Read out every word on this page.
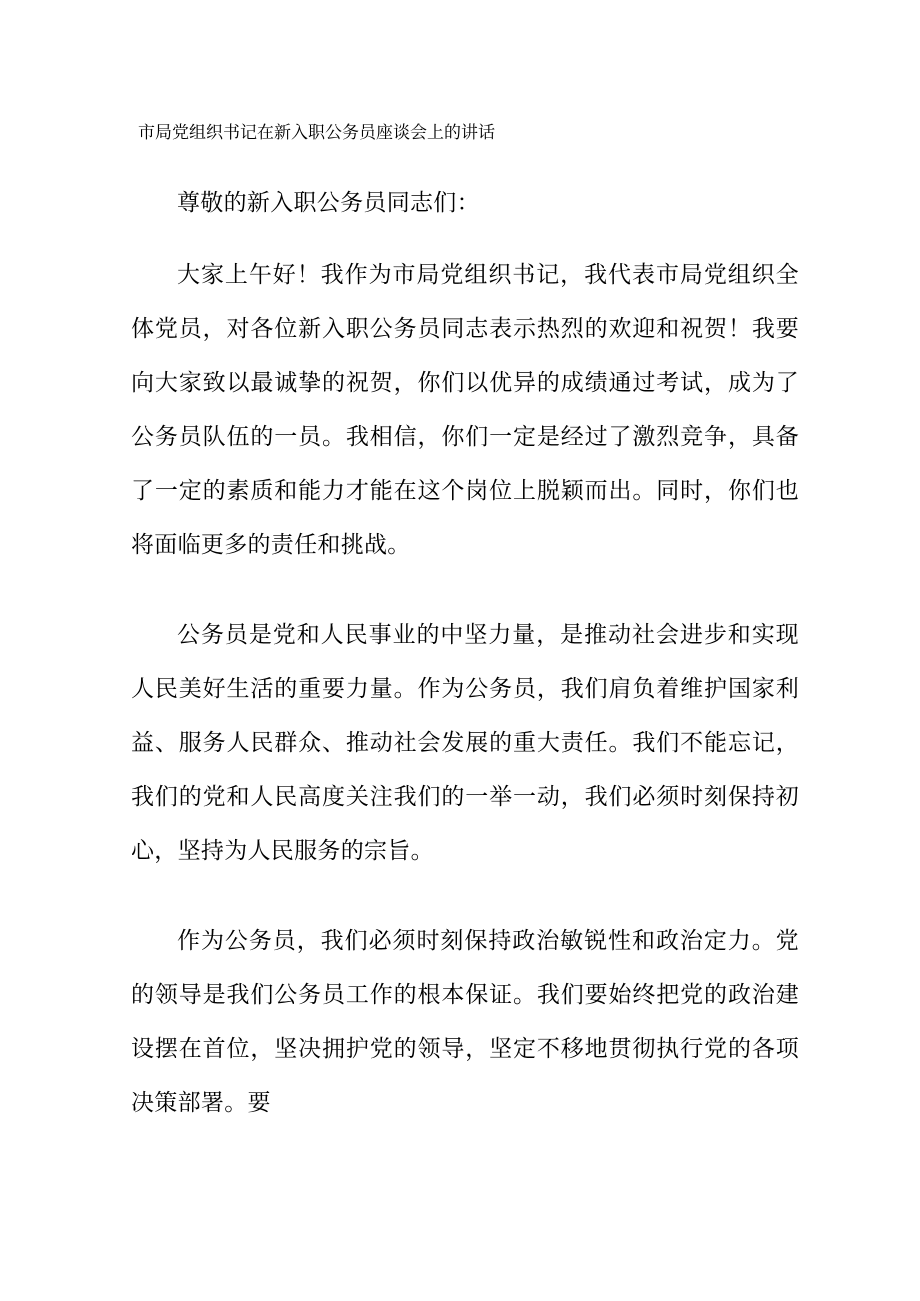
市局党组织书记在新入职公务员座谈会上的讲话

尊敬的新入职公务员同志们：

大家上午好！我作为市局党组织书记，我代表市局党组织全体党员，对各位新入职公务员同志表示热烈的欢迎和祝贺！我要向大家致以最诚挚的祝贺，你们以优异的成绩通过考试，成为了公务员队伍的一员。我相信，你们一定是经过了激烈竞争，具备了一定的素质和能力才能在这个岗位上脱颖而出。同时，你们也将面临更多的责任和挑战。

公务员是党和人民事业的中坚力量，是推动社会进步和实现人民美好生活的重要力量。作为公务员，我们肩负着维护国家利益、服务人民群众、推动社会发展的重大责任。我们不能忘记，我们的党和人民高度关注我们的一举一动，我们必须时刻保持初心，坚持为人民服务的宗旨。

作为公务员，我们必须时刻保持政治敏锐性和政治定力。党的领导是我们公务员工作的根本保证。我们要始终把党的政治建设摆在首位，坚决拥护党的领导，坚定不移地贯彻执行党的各项决策部署。要
